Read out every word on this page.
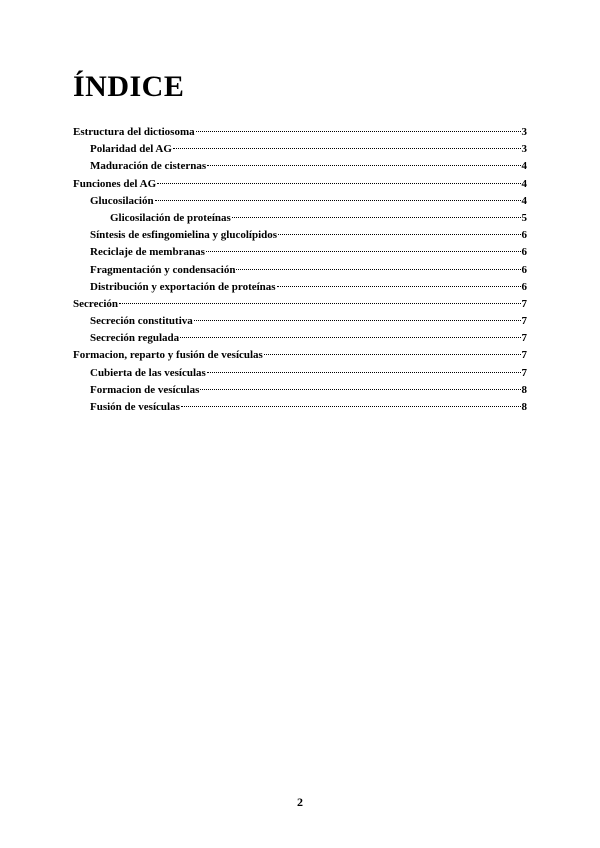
ÍNDICE
Estructura del dictiosoma	3
Polaridad del AG	3
Maduración de cisternas	4
Funciones del AG	4
Glucosilación	4
Glicosilación de proteínas	5
Síntesis de esfingomielina y glucolípidos	6
Reciclaje de membranas	6
Fragmentación y condensación	6
Distribución y exportación de proteínas	6
Secreción	7
Secreción constitutiva	7
Secreción regulada	7
Formacion, reparto y fusión de vesículas	7
Cubierta de las vesículas	7
Formacion de vesículas	8
Fusión de vesículas	8
2
